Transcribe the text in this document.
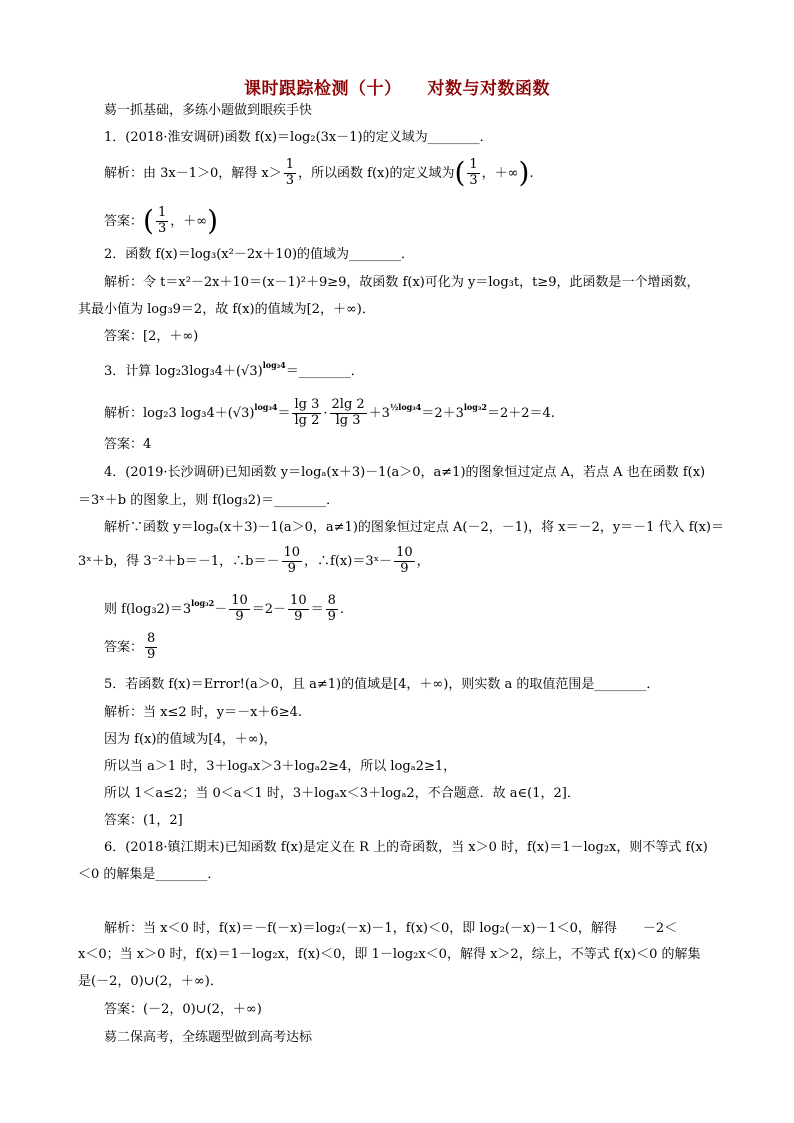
课时跟踪检测（十） 对数与对数函数
䓪一抓基础，多练小题做到眼疾手快
1．(2018·淮安调研)函数 f(x)＝log₂(3x－1)的定义域为________．
解析：由 3x－1＞0，解得 $x> \frac{1}{3}$ ，所以函数 f(x)的定义域为( $\frac{1}{3}$ ，＋∞).
答案：( $\frac{1}{3}$ ，＋∞)
2．函数 f(x)＝log₃(x²－2x＋10)的值域为________．
解析：令 t＝x²－2x＋10＝(x－1)²＋9≥9，故函数 f(x)可化为 y＝log₃t，t≥9，此函数是一个增函数，
其最小值为 log₃9＝2，故 f(x)的值域为[2，＋∞)．
答案：[2，＋∞)
3．计算 $\log_23\log_34+(√3)^{log_34}=\_\_\_\_\_\_\_\_$．
解析：log₂3 $\log_34+(√3)^{log_34}= \frac{\lg 3}{\lg 2} \cdot \frac{2\lg 2}{\lg 3} +3^{\frac{1}{2}log_34}=2+3^{log_32}=2+2=4$.
答案：4
4．(2019·长沙调研)已知函数 y＝logₐ(x＋3)－1(a＞0，a≠1)的图象恒过定点 A，若点 A 也在函数 f(x)
＝3ˣ＋b 的图象上，则 f(log₃2)＝________．
解析∵函数 y＝logₐ(x＋3)－1(a＞0，a≠1)的图象恒过定点 A(－2，－1)，将 x＝－2，y＝－1 代入 f(x)＝
3ˣ＋b，得 3⁻²＋b＝－1，∴b＝－ $\frac{10}{9}$ ，∴f(x)＝3ˣ－ $\frac{10}{9}$ ，
则 $f(\log_32)=3^{log_32}- \frac{10}{9} =2- \frac{10}{9} = \frac{8}{9}$ .
答案： $\frac{8}{9}$
5．若函数 f(x)＝Error!(a＞0，且 a≠1)的值域是[4，＋∞)，则实数 a 的取值范围是________．
解析：当 x≤2 时，y＝－x＋6≥4.
因为 f(x)的值域为[4，＋∞)，
所以当 a＞1 时，3＋logₐx＞3＋logₐ2≥4，所以 logₐ2≥1，
所以 1＜a≤2；当 0＜a＜1 时，3＋logₐx＜3＋logₐ2，不合题意．故 a∈(1，2]．
答案：(1，2]
6．(2018·镇江期末)已知函数 f(x)是定义在 R 上的奇函数，当 x＞0 时，f(x)＝1－log₂x，则不等式 f(x)
＜0 的解集是________．
解析：当 x＜0 时，f(x)＝－f(－x)＝log₂(－x)－1，f(x)＜0，即 log₂(－x)－1＜0，解得　　－2＜
x＜0；当 x＞0 时，f(x)＝1－log₂x，f(x)＜0，即 1－log₂x＜0，解得 x＞2，综上，不等式 f(x)＜0 的解集
是(－2，0)∪(2，＋∞)．
答案：(－2，0)∪(2，＋∞)
䓪二保高考，全练题型做到高考达标
